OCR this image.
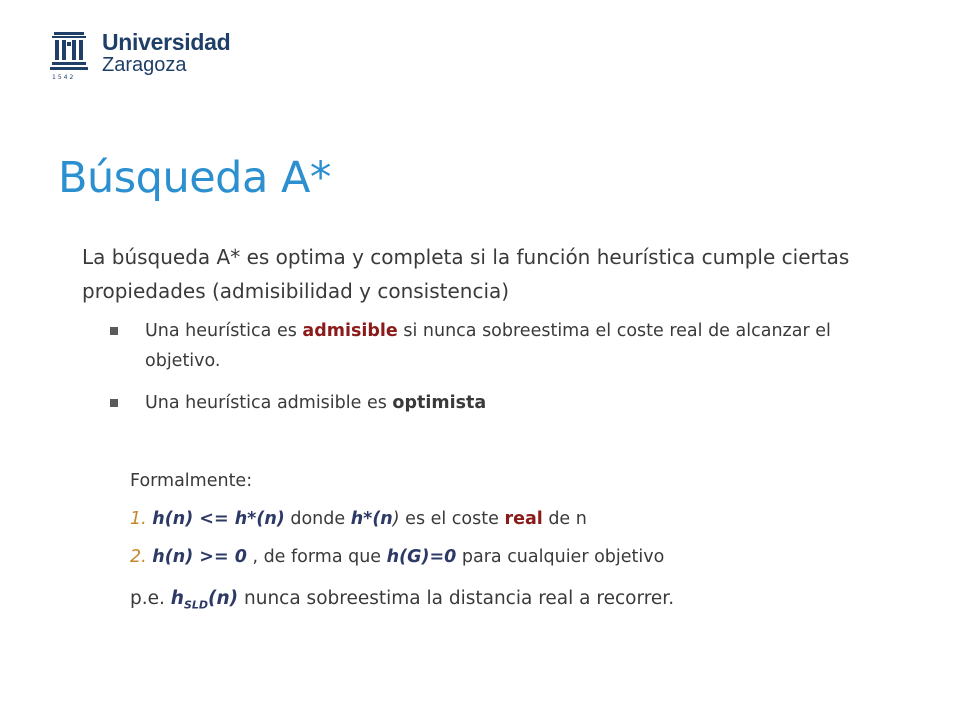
1542
Universidad
Zaragoza
Búsqueda A*
La búsqueda A* es optima y completa si la función heurística cumple ciertas propiedades (admisibilidad y consistencia)
Una heurística es admisible si nunca sobreestima el coste real de alcanzar el objetivo.
Una heurística admisible es optimista
Formalmente:
1. h(n) <= h*(n) donde h*(n) es el coste real de n
2. h(n) >= 0 , de forma que h(G)=0 para cualquier objetivo
p.e. $h_{SLD}(n)$ nunca sobreestima la distancia real a recorrer.
